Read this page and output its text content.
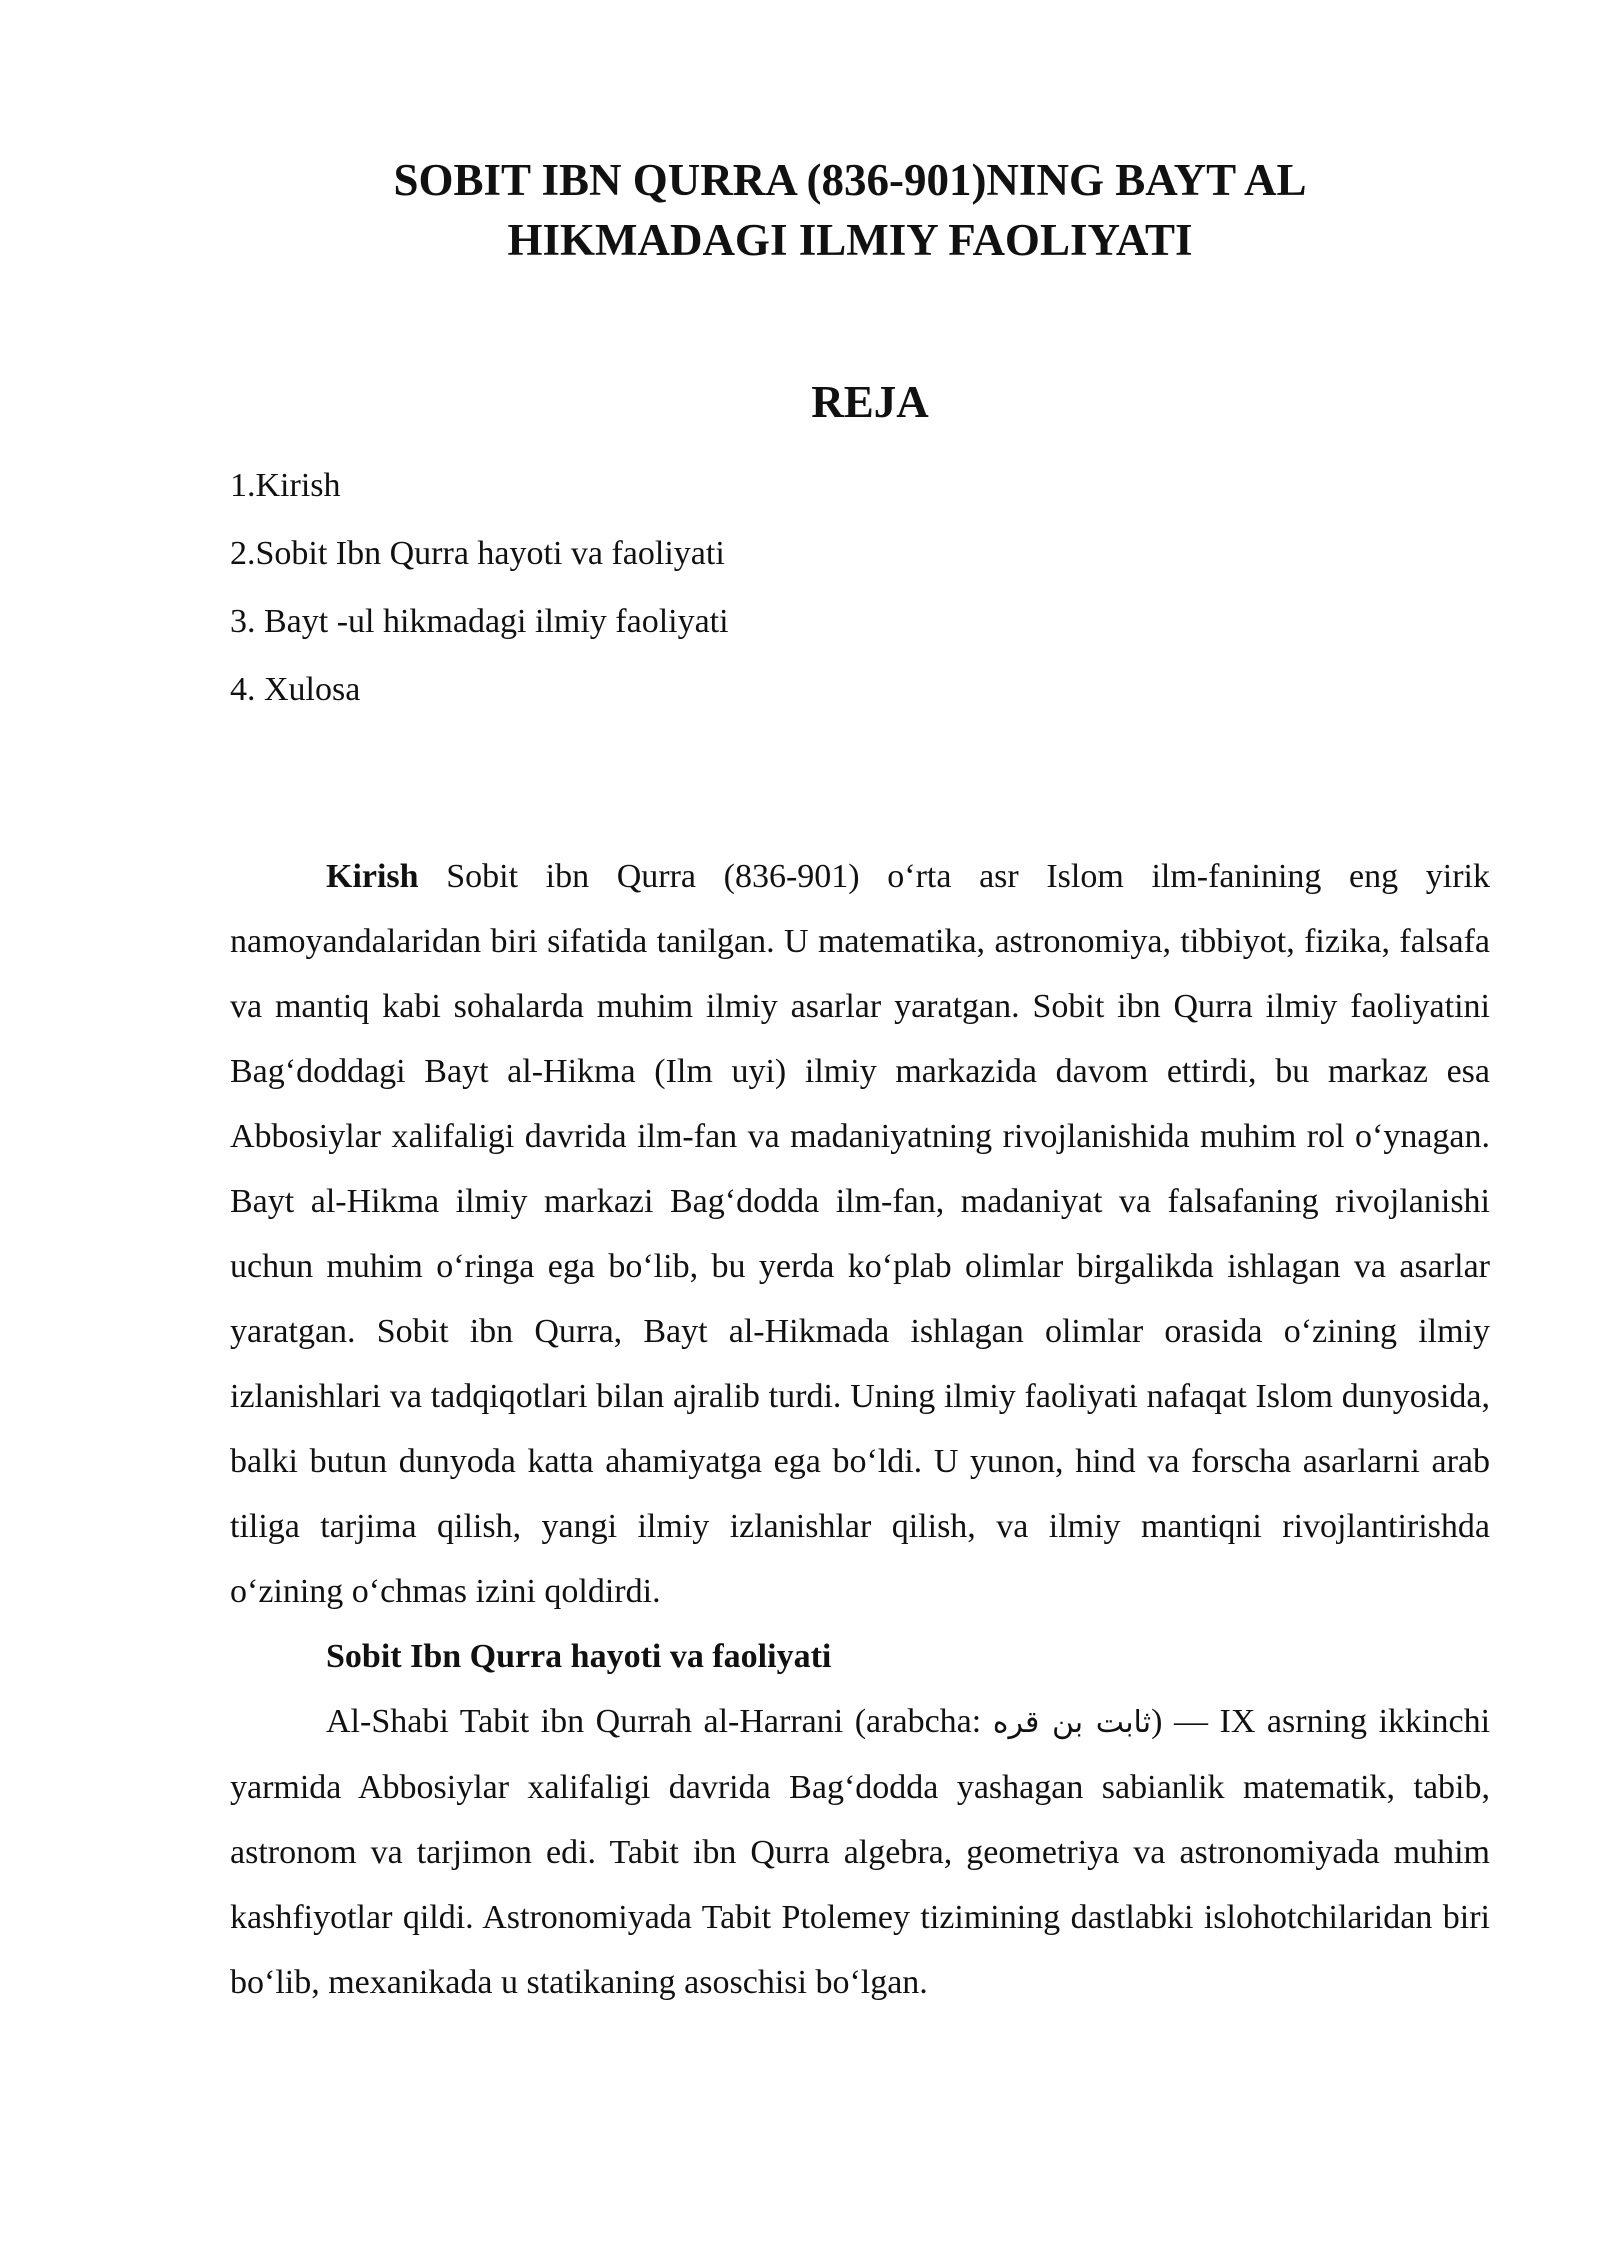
SOBIT IBN QURRA (836-901)NING BAYT AL
HIKMADAGI ILMIY FAOLIYATI
REJA
1.Kirish
2.Sobit Ibn Qurra hayoti va faoliyati
3. Bayt -ul hikmadagi ilmiy faoliyati
4. Xulosa

Kirish Sobit ibn Qurra (836-901) o‘rta asr Islom ilm-fanining eng yirik namoyandalaridan biri sifatida tanilgan. U matematika, astronomiya, tibbiyot, fizika, falsafa va mantiq kabi sohalarda muhim ilmiy asarlar yaratgan. Sobit ibn Qurra ilmiy faoliyatini Bag‘doddagi Bayt al-Hikma (Ilm uyi) ilmiy markazida davom ettirdi, bu markaz esa Abbosiylar xalifaligi davrida ilm-fan va madaniyatning rivojlanishida muhim rol o‘ynagan. Bayt al-Hikma ilmiy markazi Bag‘dodda ilm-fan, madaniyat va falsafaning rivojlanishi uchun muhim o‘ringa ega bo‘lib, bu yerda ko‘plab olimlar birgalikda ishlagan va asarlar yaratgan. Sobit ibn Qurra, Bayt al-Hikmada ishlagan olimlar orasida o‘zining ilmiy izlanishlari va tadqiqotlari bilan ajralib turdi. Uning ilmiy faoliyati nafaqat Islom dunyosida, balki butun dunyoda katta ahamiyatga ega bo‘ldi. U yunon, hind va forscha asarlarni arab tiliga tarjima qilish, yangi ilmiy izlanishlar qilish, va ilmiy mantiqni rivojlantirishda o‘zining o‘chmas izini qoldirdi.

Sobit Ibn Qurra hayoti va faoliyati

Al-Shabi Tabit ibn Qurrah al-Harrani (arabcha: ثابت بن قره) — IX asrning ikkinchi yarmida Abbosiylar xalifaligi davrida Bag‘dodda yashagan sabianlik matematik, tabib, astronom va tarjimon edi. Tabit ibn Qurra algebra, geometriya va astronomiyada muhim kashfiyotlar qildi. Astronomiyada Tabit Ptolemey tizimining dastlabki islohotchilaridan biri bo‘lib, mexanikada u statikaning asoschisi bo‘lgan.
